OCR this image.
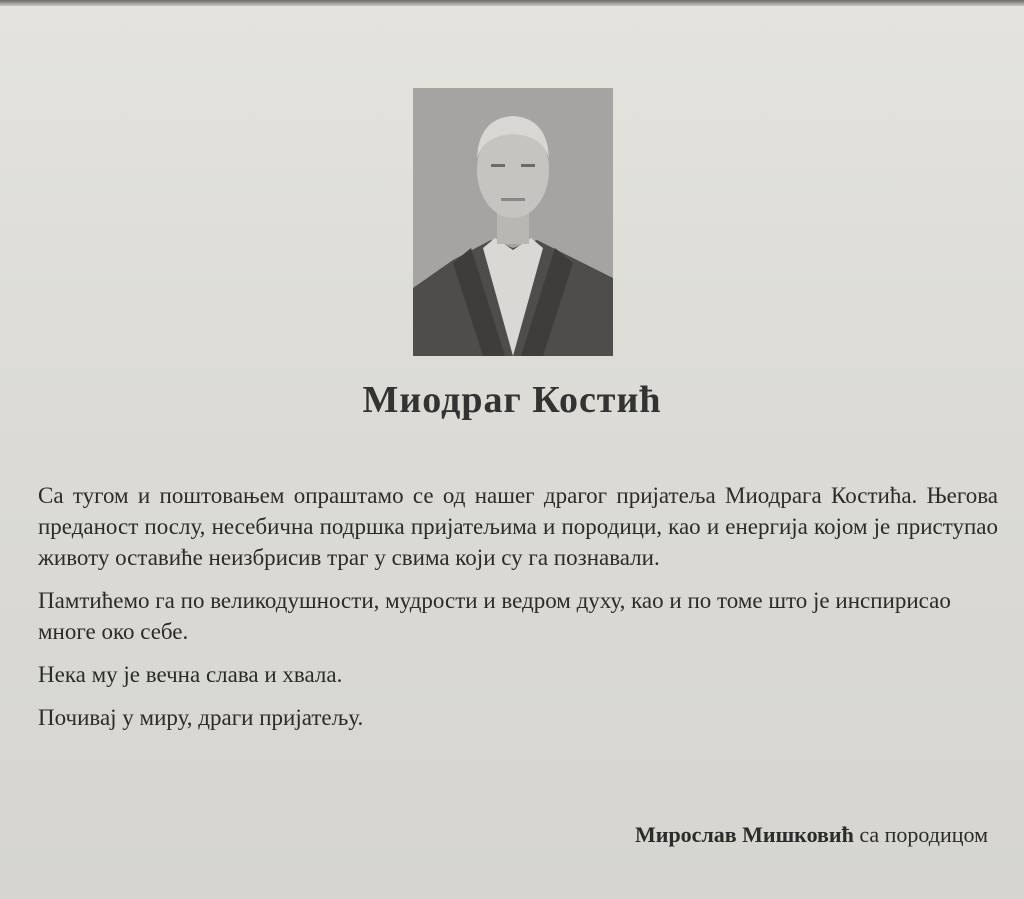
Миодраг Костић

Са тугом и поштовањем опраштамо се од нашег драгог пријатеља Миодрага Костића. Његова преданост послу, несебична подршка пријатељима и породици, као и енергија којом је приступао животу оставиће неизбрисив траг у свима који су га познавали.

Памтићемо га по великодушности, мудрости и ведром духу, као и по томе што је инспирисао многе око себе.

Нека му је вечна слава и хвала.

Почивај у миру, драги пријатељу.

Мирослав Мишковић са породицом
